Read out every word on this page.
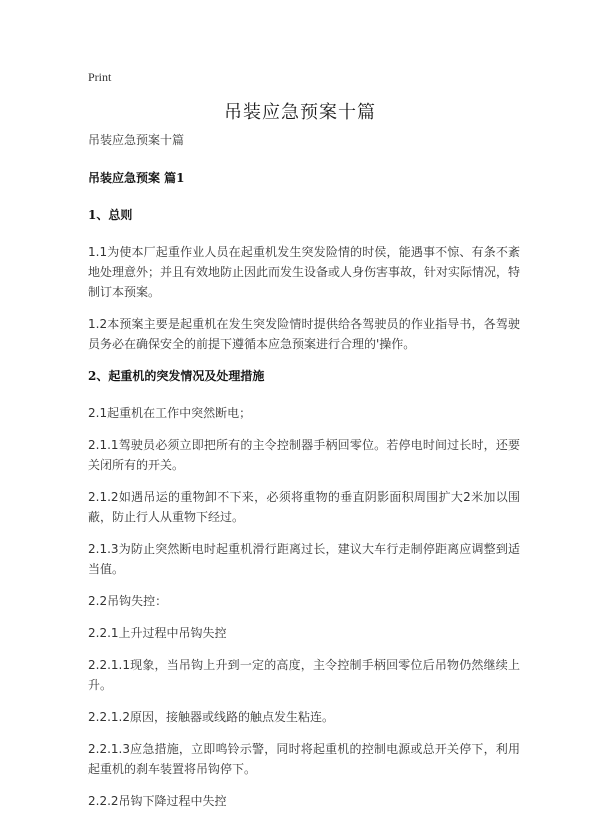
Print
吊装应急预案十篇

吊装应急预案十篇

吊装应急预案 篇1

1、总则

1.1为使本厂起重作业人员在起重机发生突发险情的时侯，能遇事不惊、有条不紊地处理意外；并且有效地防止因此而发生设备或人身伤害事故，针对实际情况，特制订本预案。

1.2本预案主要是起重机在发生突发险情时提供给各驾驶员的作业指导书，各驾驶员务必在确保安全的前提下遵循本应急预案进行合理的'操作。

2、起重机的突发情况及处理措施

2.1起重机在工作中突然断电；

2.1.1驾驶员必须立即把所有的主令控制器手柄回零位。若停电时间过长时，还要关闭所有的开关。

2.1.2如遇吊运的重物卸不下来，必须将重物的垂直阴影面积周围扩大2米加以围蔽，防止行人从重物下经过。

2.1.3为防止突然断电时起重机滑行距离过长，建议大车行走制停距离应调整到适当值。

2.2吊钩失控：

2.2.1上升过程中吊钩失控

2.2.1.1现象，当吊钩上升到一定的高度，主令控制手柄回零位后吊物仍然继续上升。

2.2.1.2原因，接触器或线路的触点发生粘连。

2.2.1.3应急措施，立即鸣铃示警，同时将起重机的控制电源或总开关停下，利用起重机的刹车装置将吊钩停下。

2.2.2吊钩下降过程中失控
